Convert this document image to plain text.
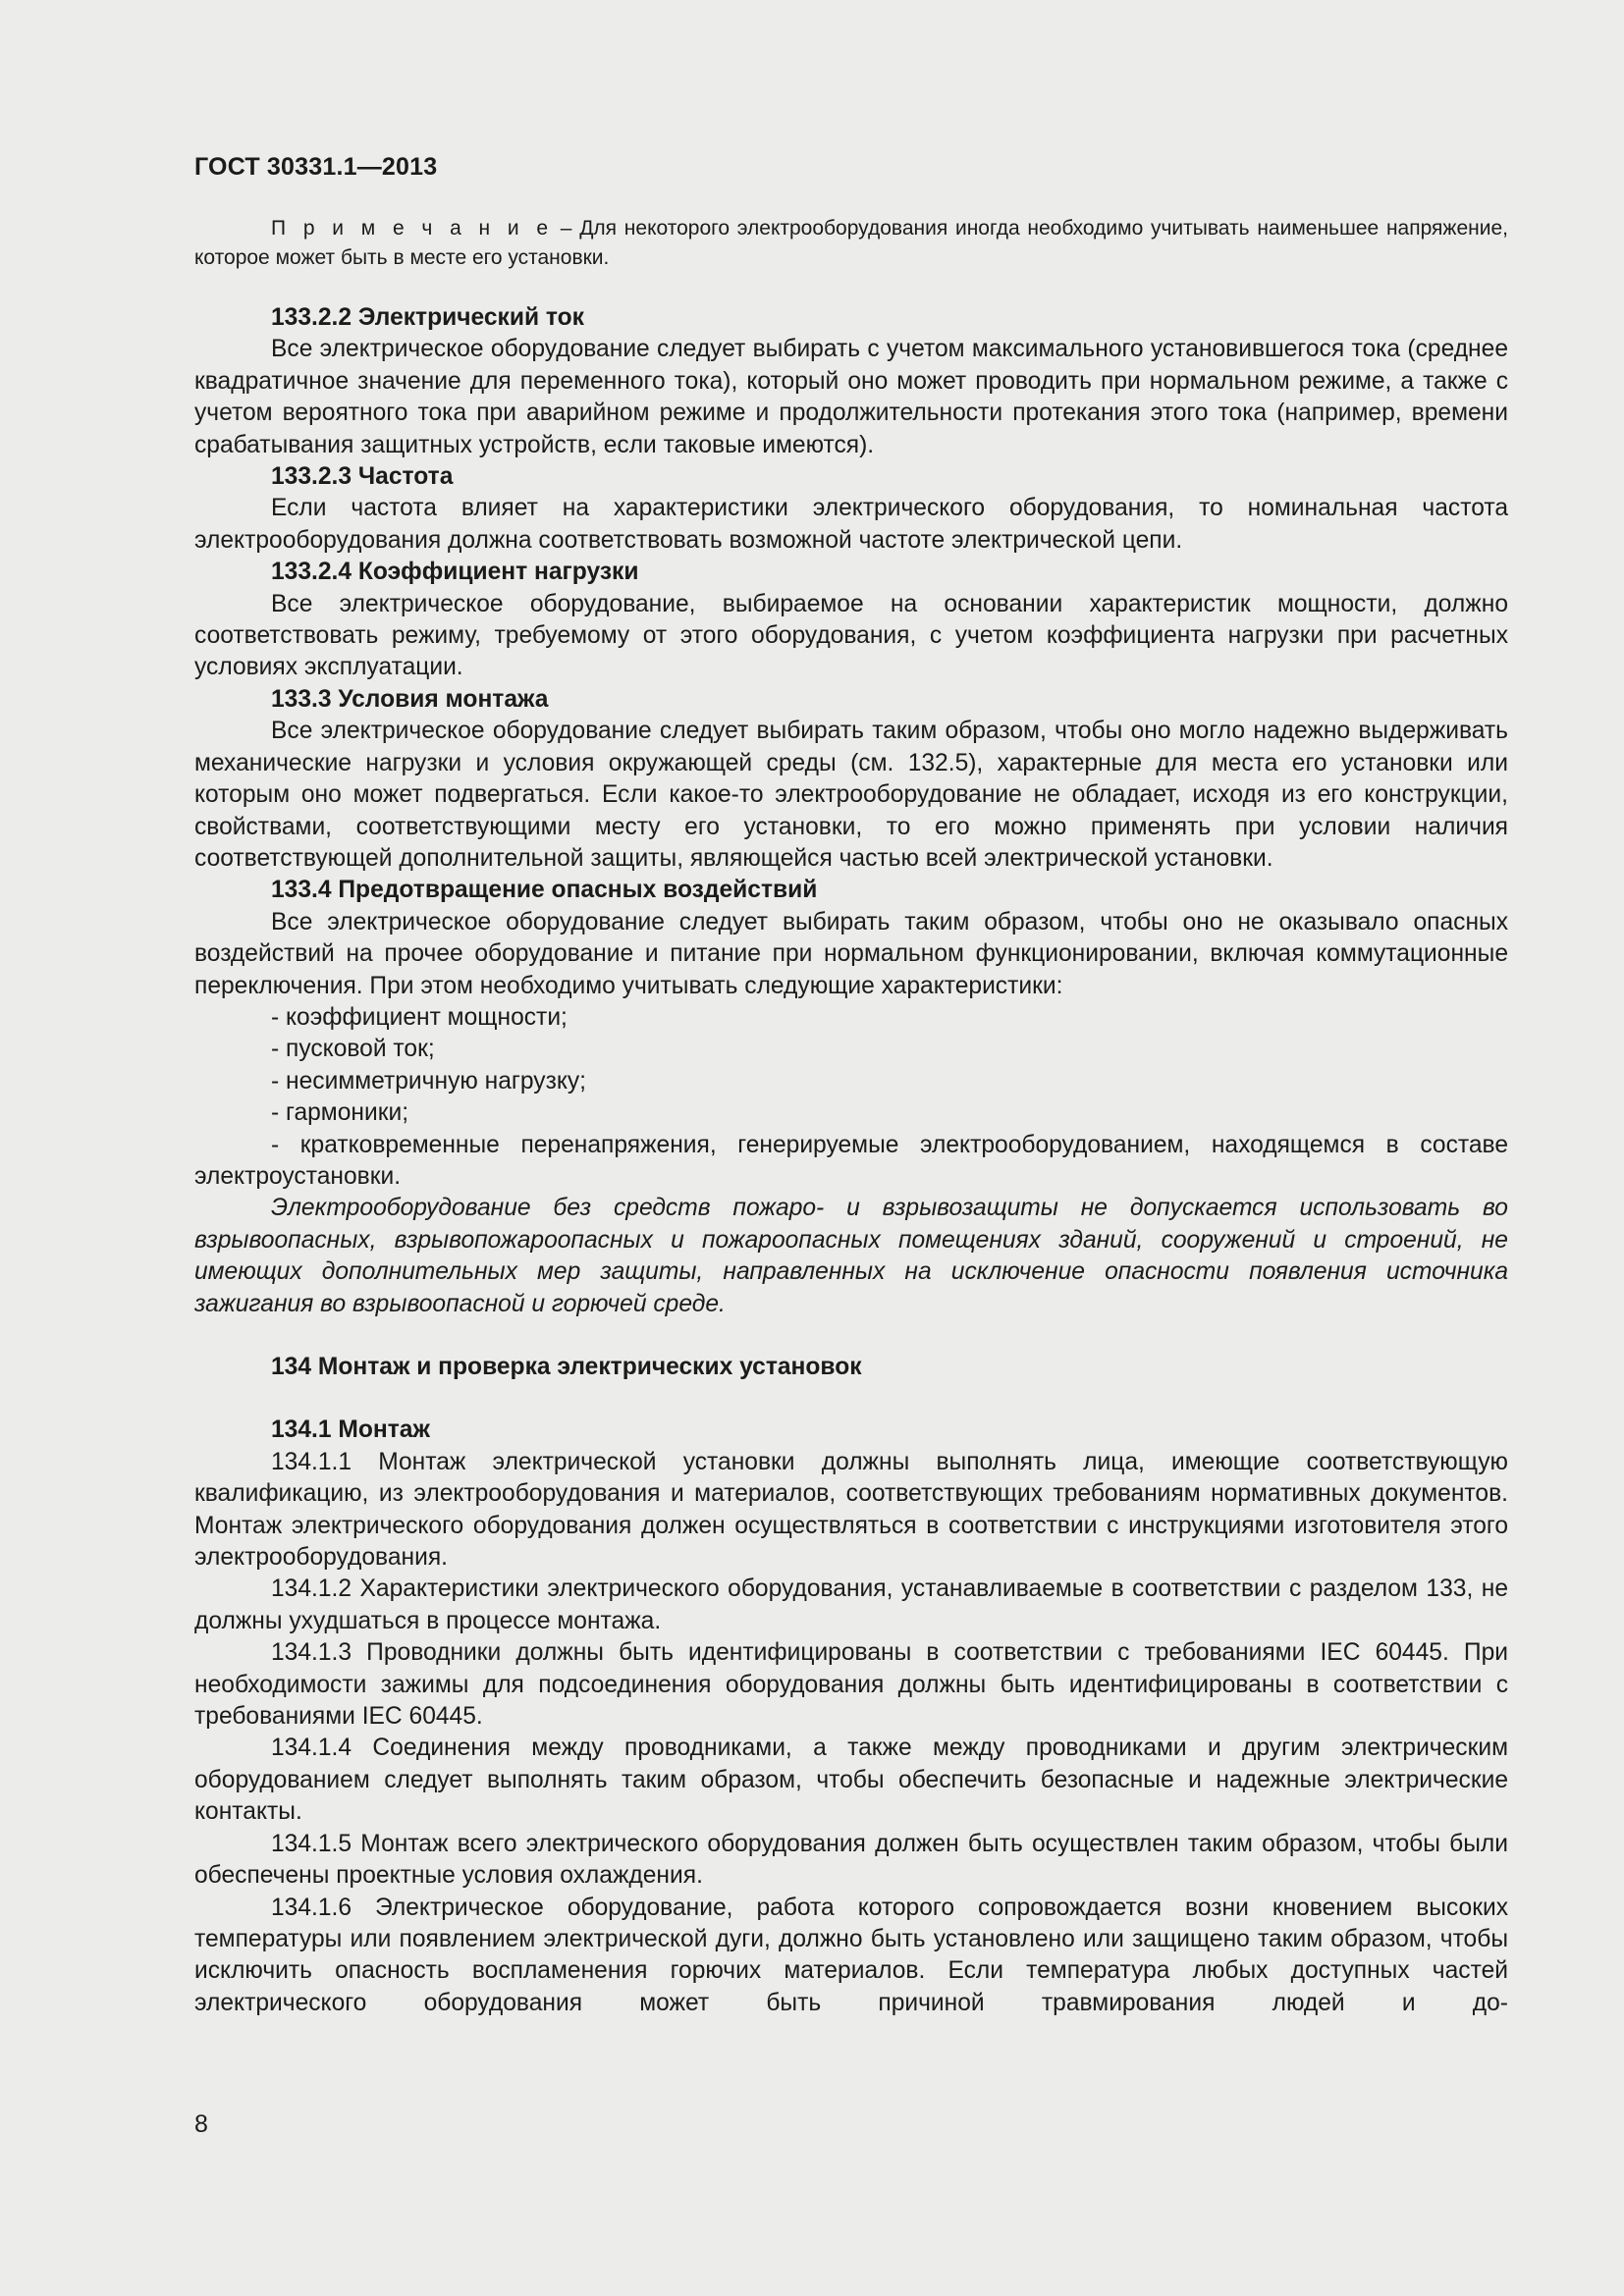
ГОСТ 30331.1—2013

П р и м е ч а н и е – Для некоторого электрооборудования иногда необходимо учитывать наименьшее напряжение, которое может быть в месте его установки.

133.2.2 Электрический ток

Все электрическое оборудование следует выбирать с учетом максимального установившегося тока (среднее квадратичное значение для переменного тока), который оно может проводить при нормальном режиме, а также с учетом вероятного тока при аварийном режиме и продолжительности протекания этого тока (например, времени срабатывания защитных устройств, если таковые имеются).

133.2.3 Частота

Если частота влияет на характеристики электрического оборудования, то номинальная частота электрооборудования должна соответствовать возможной частоте электрической цепи.

133.2.4 Коэффициент нагрузки

Все электрическое оборудование, выбираемое на основании характеристик мощности, должно соответствовать режиму, требуемому от этого оборудования, с учетом коэффициента нагрузки при расчетных условиях эксплуатации.

133.3 Условия монтажа

Все электрическое оборудование следует выбирать таким образом, чтобы оно могло надежно выдерживать механические нагрузки и условия окружающей среды (см. 132.5), характерные для места его установки или которым оно может подвергаться. Если какое-то электрооборудование не обладает, исходя из его конструкции, свойствами, соответствующими месту его установки, то его можно применять при условии наличия соответствующей дополнительной защиты, являющейся частью всей электрической установки.

133.4 Предотвращение опасных воздействий

Все электрическое оборудование следует выбирать таким образом, чтобы оно не оказывало опасных воздействий на прочее оборудование и питание при нормальном функционировании, включая коммутационные переключения. При этом необходимо учитывать следующие характеристики:

- коэффициент мощности;

- пусковой ток;

- несимметричную нагрузку;

- гармоники;

- кратковременные перенапряжения, генерируемые электрооборудованием, находящемся в составе электроустановки.

Электрооборудование без средств пожаро- и взрывозащиты не допускается использовать во взрывоопасных, взрывопожароопасных и пожароопасных помещениях зданий, сооружений и строений, не имеющих дополнительных мер защиты, направленных на исключение опасности появления источника зажигания во взрывоопасной и горючей среде.

134 Монтаж и проверка электрических установок

134.1 Монтаж

134.1.1 Монтаж электрической установки должны выполнять лица, имеющие соответствующую квалификацию, из электрооборудования и материалов, соответствующих требованиям нормативных документов. Монтаж электрического оборудования должен осуществляться в соответствии с инструкциями изготовителя этого электрооборудования.

134.1.2 Характеристики электрического оборудования, устанавливаемые в соответствии с разделом 133, не должны ухудшаться в процессе монтажа.

134.1.3 Проводники должны быть идентифицированы в соответствии с требованиями IEC 60445. При необходимости зажимы для подсоединения оборудования должны быть идентифицированы в соответствии с требованиями IEC 60445.

134.1.4 Соединения между проводниками, а также между проводниками и другим электрическим оборудованием следует выполнять таким образом, чтобы обеспечить безопасные и надежные электрические контакты.

134.1.5 Монтаж всего электрического оборудования должен быть осуществлен таким образом, чтобы были обеспечены проектные условия охлаждения.

134.1.6 Электрическое оборудование, работа которого сопровождается возни кновением высоких температуры или появлением электрической дуги, должно быть установлено или защищено таким образом, чтобы исключить опасность воспламенения горючих материалов. Если температура любых доступных частей электрического оборудования может быть причиной травмирования людей и до-

8
